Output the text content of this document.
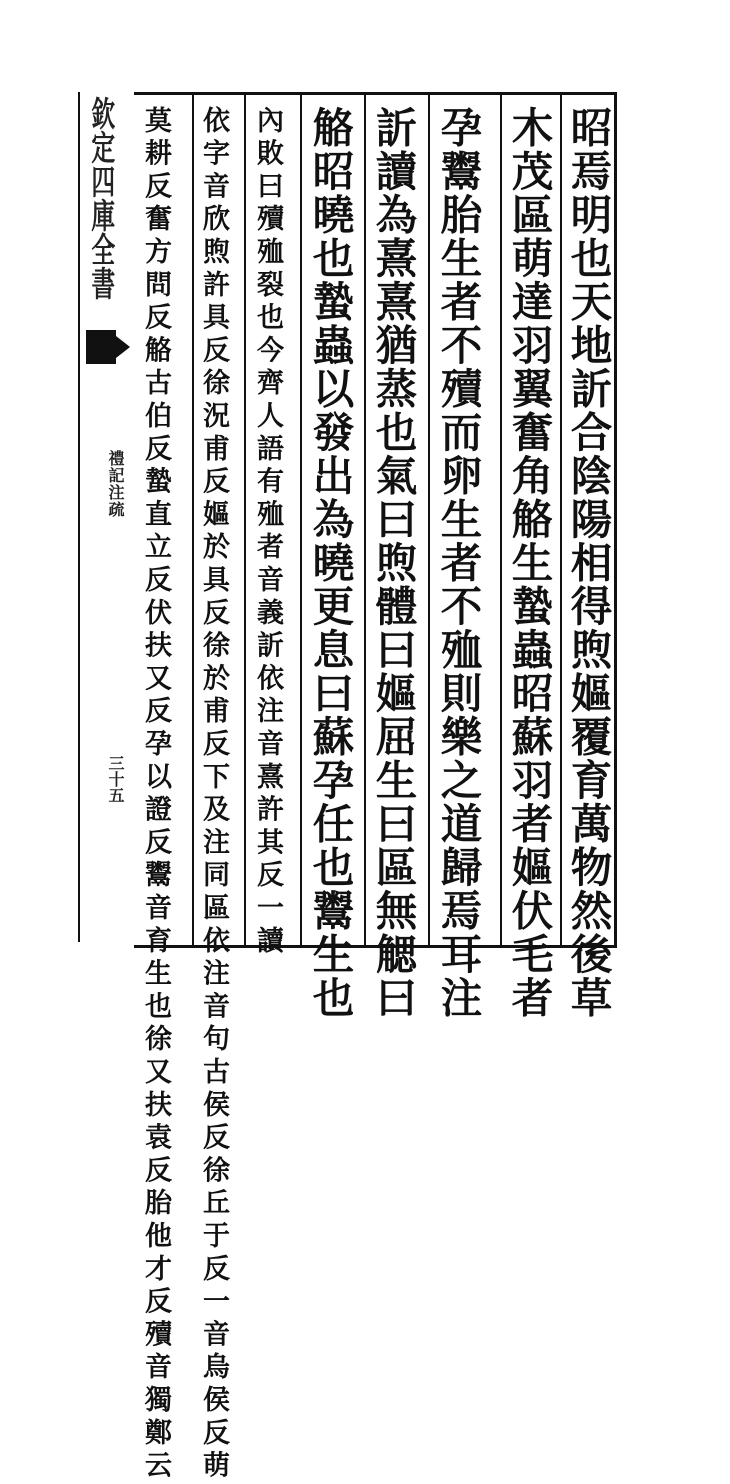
欽定四庫全書
禮記注疏
三十五	昭焉明也天地訢合陰陽相得煦嫗覆育萬物然後草
木茂區萌達羽翼奮角觡生蟄蟲昭蘇羽者嫗伏毛者
孕鬻胎生者不殰而卵生者不殈則樂之道歸焉耳注
訢讀為熹熹猶蒸也氣曰煦體曰嫗屈生曰區無䚡曰
觡昭曉也蟄蟲以發出為曉更息曰蘇孕任也鬻生也
內敗曰殰殈裂也今齊人語有殈者音義訢依注音熹許其反一讀
依字音欣煦許具反徐況甫反嫗於具反徐於甫反下及注同區依注音句古侯反徐丘于反一音烏侯反萌
莫耕反奮方問反觡古伯反蟄直立反伏扶又反孕以證反鬻音育生也徐又扶袁反胎他才反殰音獨鄭云
